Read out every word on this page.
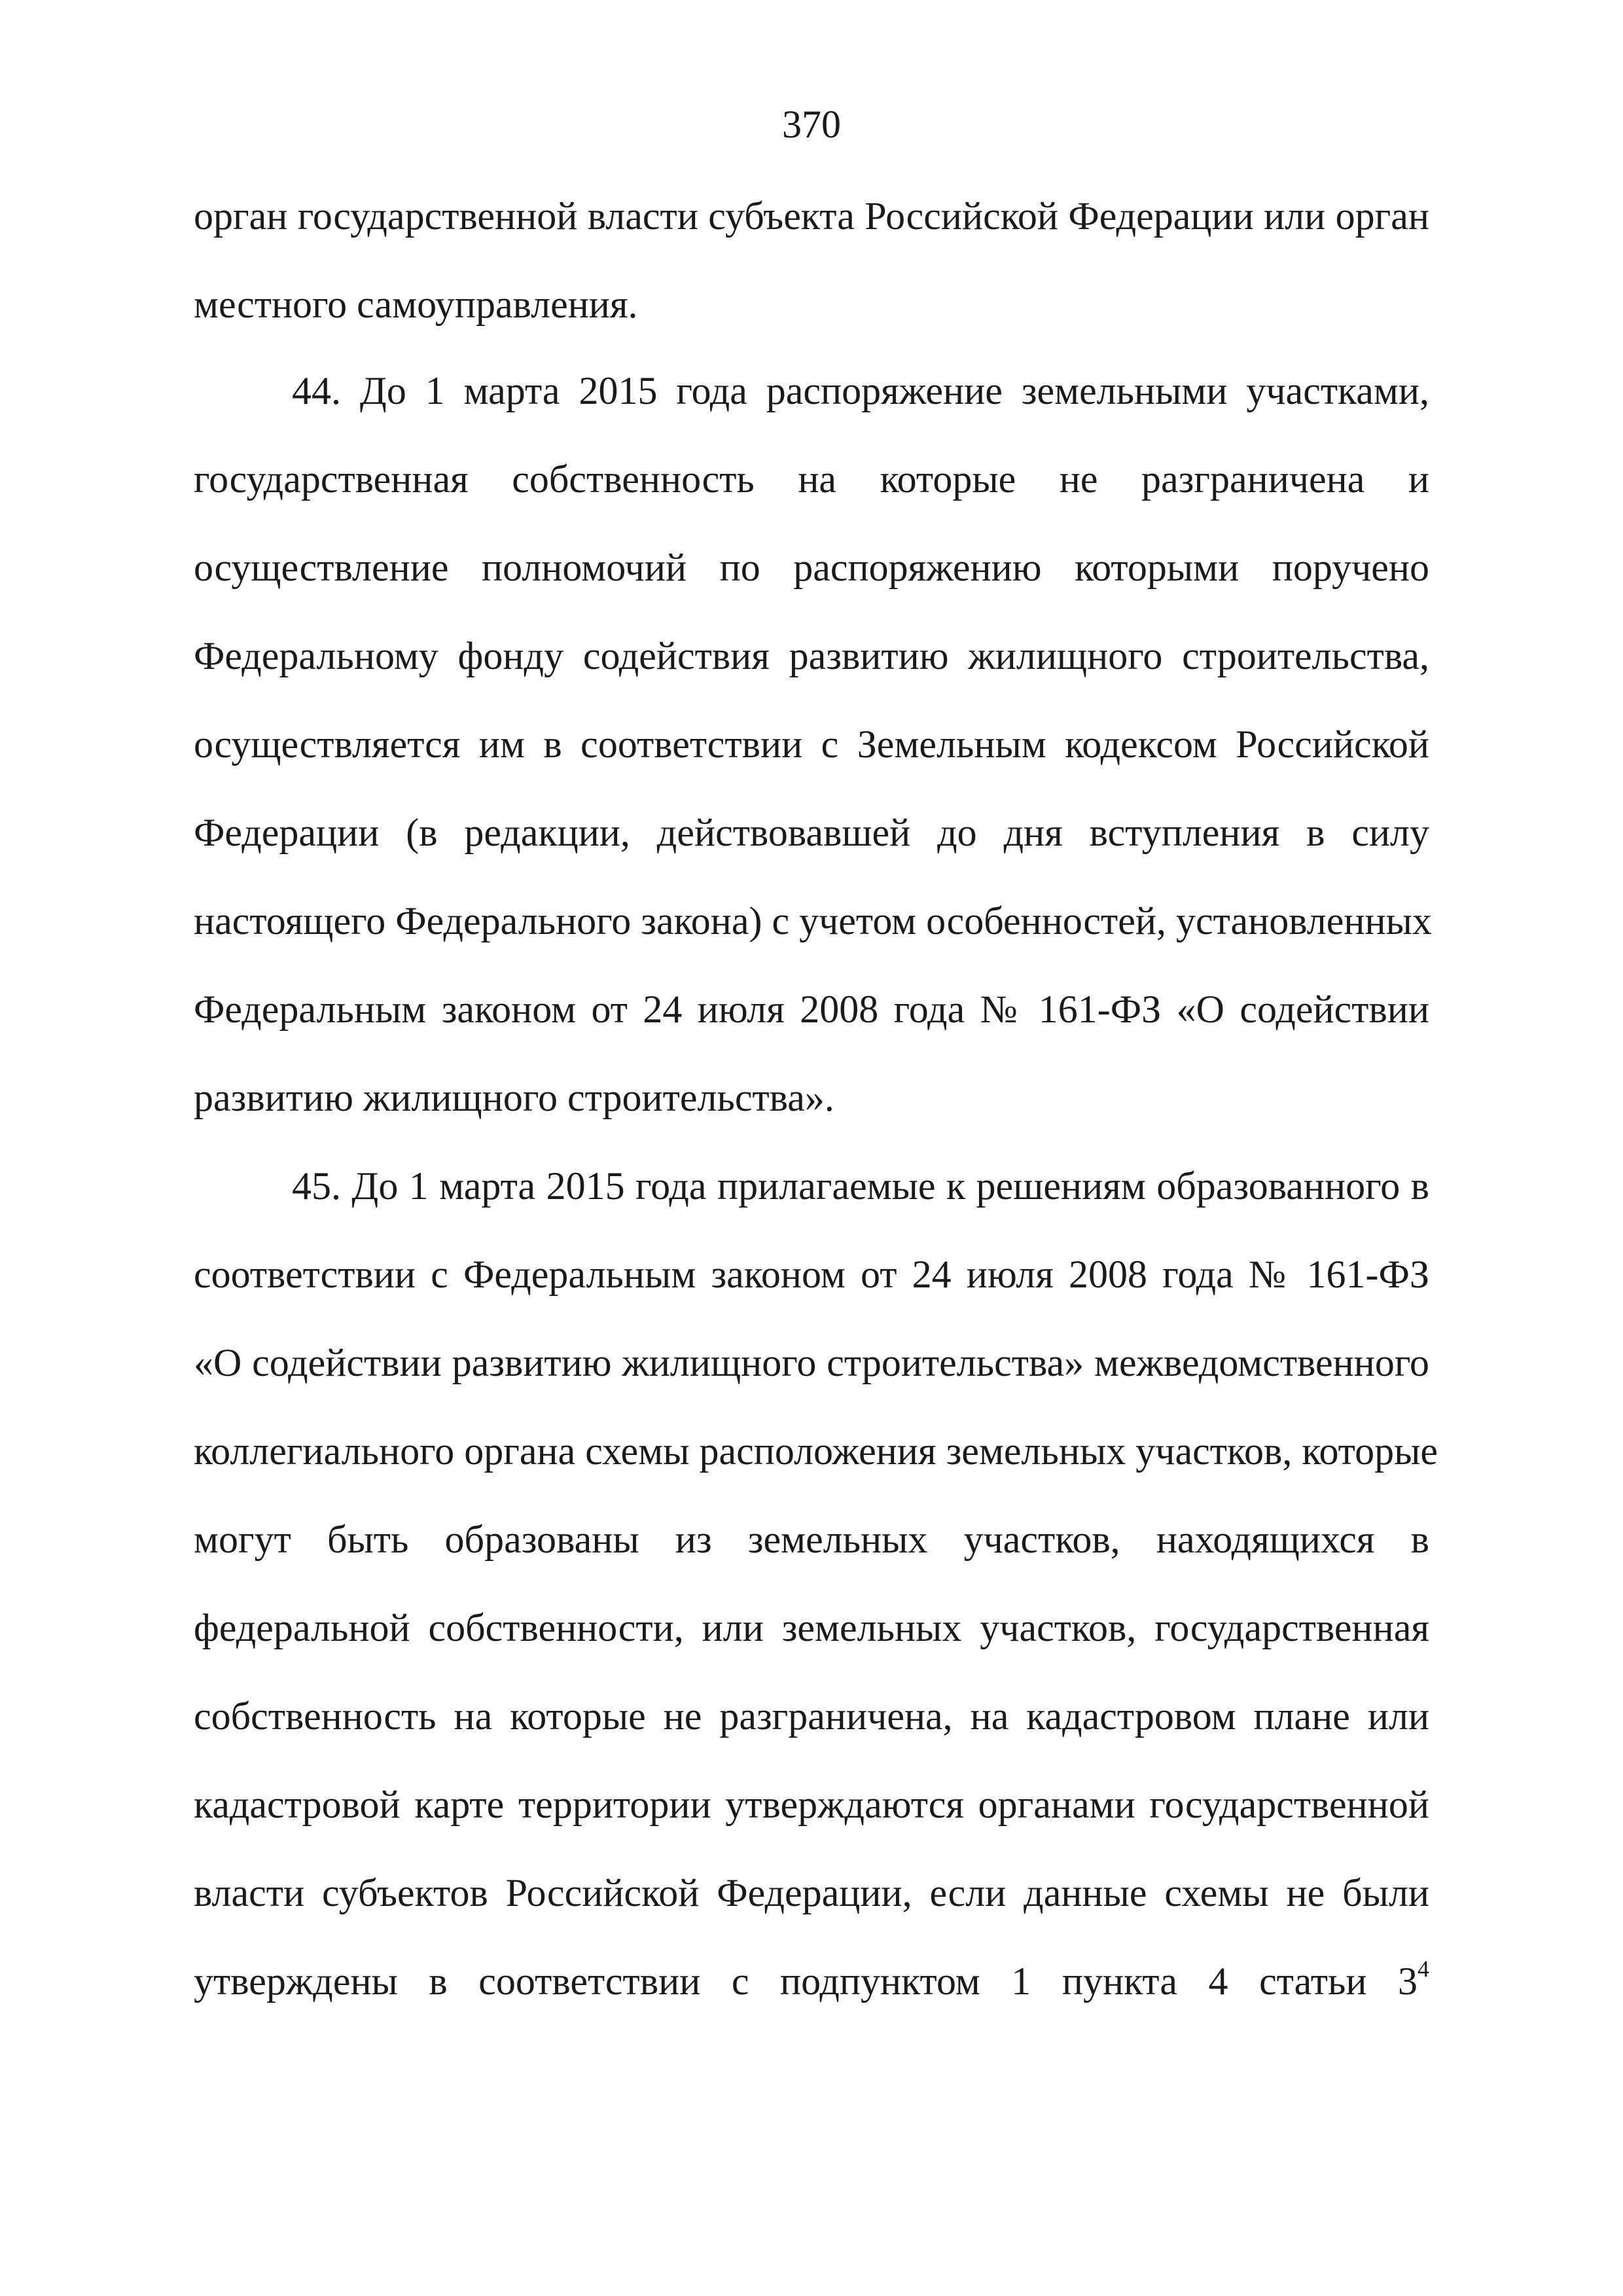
370
орган государственной власти субъекта Российской Федерации или орган
местного самоуправления.
44. До 1 марта 2015 года распоряжение земельными участками,
государственная собственность на которые не разграничена и
осуществление полномочий по распоряжению которыми поручено
Федеральному фонду содействия развитию жилищного строительства,
осуществляется им в соответствии с Земельным кодексом Российской
Федерации (в редакции, действовавшей до дня вступления в силу
настоящего Федерального закона) с учетом особенностей, установленных
Федеральным законом от 24 июля 2008 года № 161-ФЗ «О содействии
развитию жилищного строительства».
45. До 1 марта 2015 года прилагаемые к решениям образованного в
соответствии с Федеральным законом от 24 июля 2008 года № 161-ФЗ
«О содействии развитию жилищного строительства» межведомственного
коллегиального органа схемы расположения земельных участков, которые
могут быть образованы из земельных участков, находящихся в
федеральной собственности, или земельных участков, государственная
собственность на которые не разграничена, на кадастровом плане или
кадастровой карте территории утверждаются органами государственной
власти субъектов Российской Федерации, если данные схемы не были
утверждены в соответствии с подпунктом 1 пункта 4 статьи $3^4$
